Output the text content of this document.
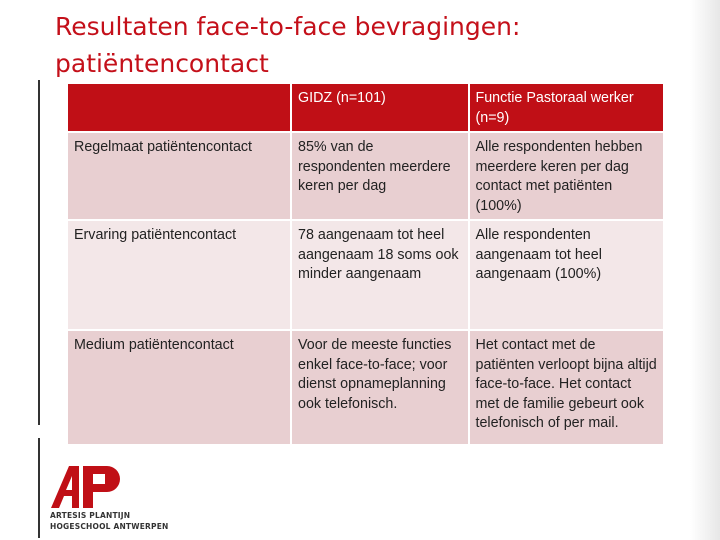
Resultaten face-to-face bevragingen:
patiëntencontact
	GIDZ (n=101)	Functie Pastoraal werker (n=9)
Regelmaat patiëntencontact	85% van de respondenten meerdere keren per dag	Alle respondenten hebben meerdere keren per dag contact met patiënten (100%)
Ervaring patiëntencontact	78 aangenaam tot heel aangenaam 18 soms ook minder aangenaam	Alle respondenten aangenaam tot heel aangenaam (100%)
Medium patiëntencontact	Voor de meeste functies enkel face-to-face; voor dienst opnameplanning ook telefonisch.	Het contact met de patiënten verloopt bijna altijd face-to-face. Het contact met de familie gebeurt ook telefonisch of per mail.
ARTESIS PLANTIJN
HOGESCHOOL ANTWERPEN
